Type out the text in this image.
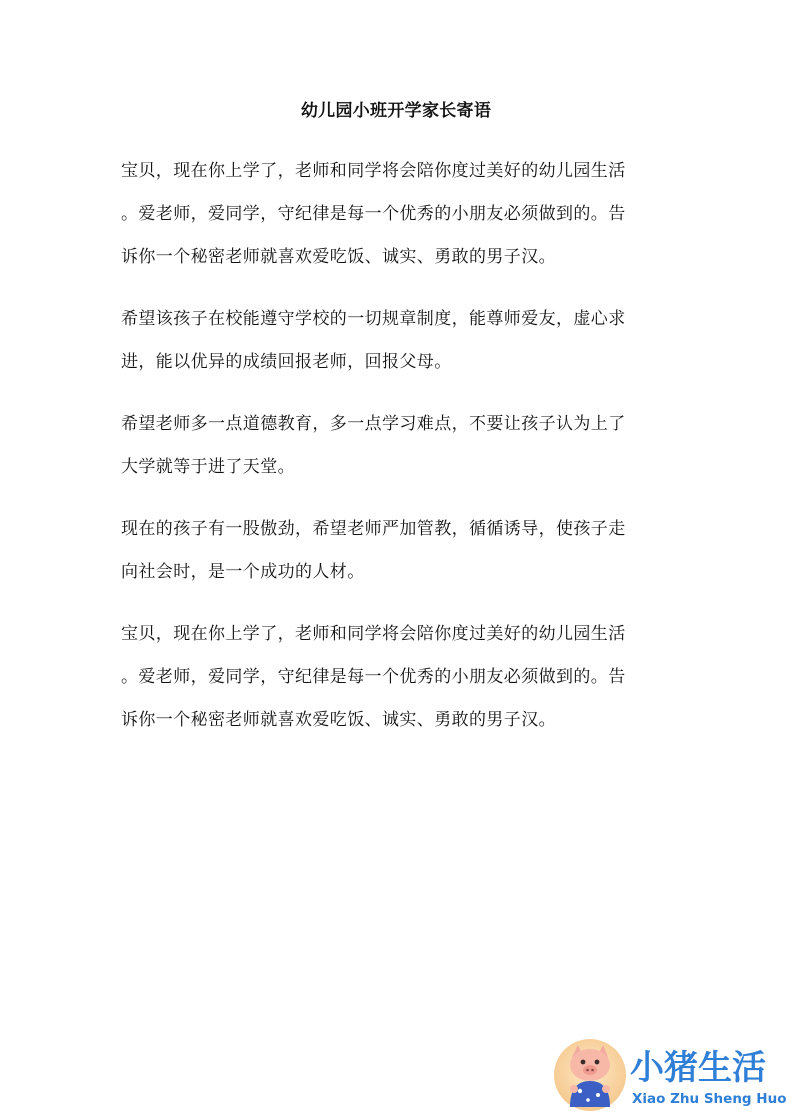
幼儿园小班开学家长寄语

宝贝，现在你上学了，老师和同学将会陪你度过美好的幼儿园生活
。爱老师，爱同学，守纪律是每一个优秀的小朋友必须做到的。告
诉你一个秘密老师就喜欢爱吃饭、诚实、勇敢的男子汉。

希望该孩子在校能遵守学校的一切规章制度，能尊师爱友，虚心求
进，能以优异的成绩回报老师，回报父母。

希望老师多一点道德教育，多一点学习难点，不要让孩子认为上了
大学就等于进了天堂。

现在的孩子有一股傲劲，希望老师严加管教，循循诱导，使孩子走
向社会时，是一个成功的人材。

宝贝，现在你上学了，老师和同学将会陪你度过美好的幼儿园生活
。爱老师，爱同学，守纪律是每一个优秀的小朋友必须做到的。告
诉你一个秘密老师就喜欢爱吃饭、诚实、勇敢的男子汉。

小猪生活
Xiao Zhu Sheng Huo
